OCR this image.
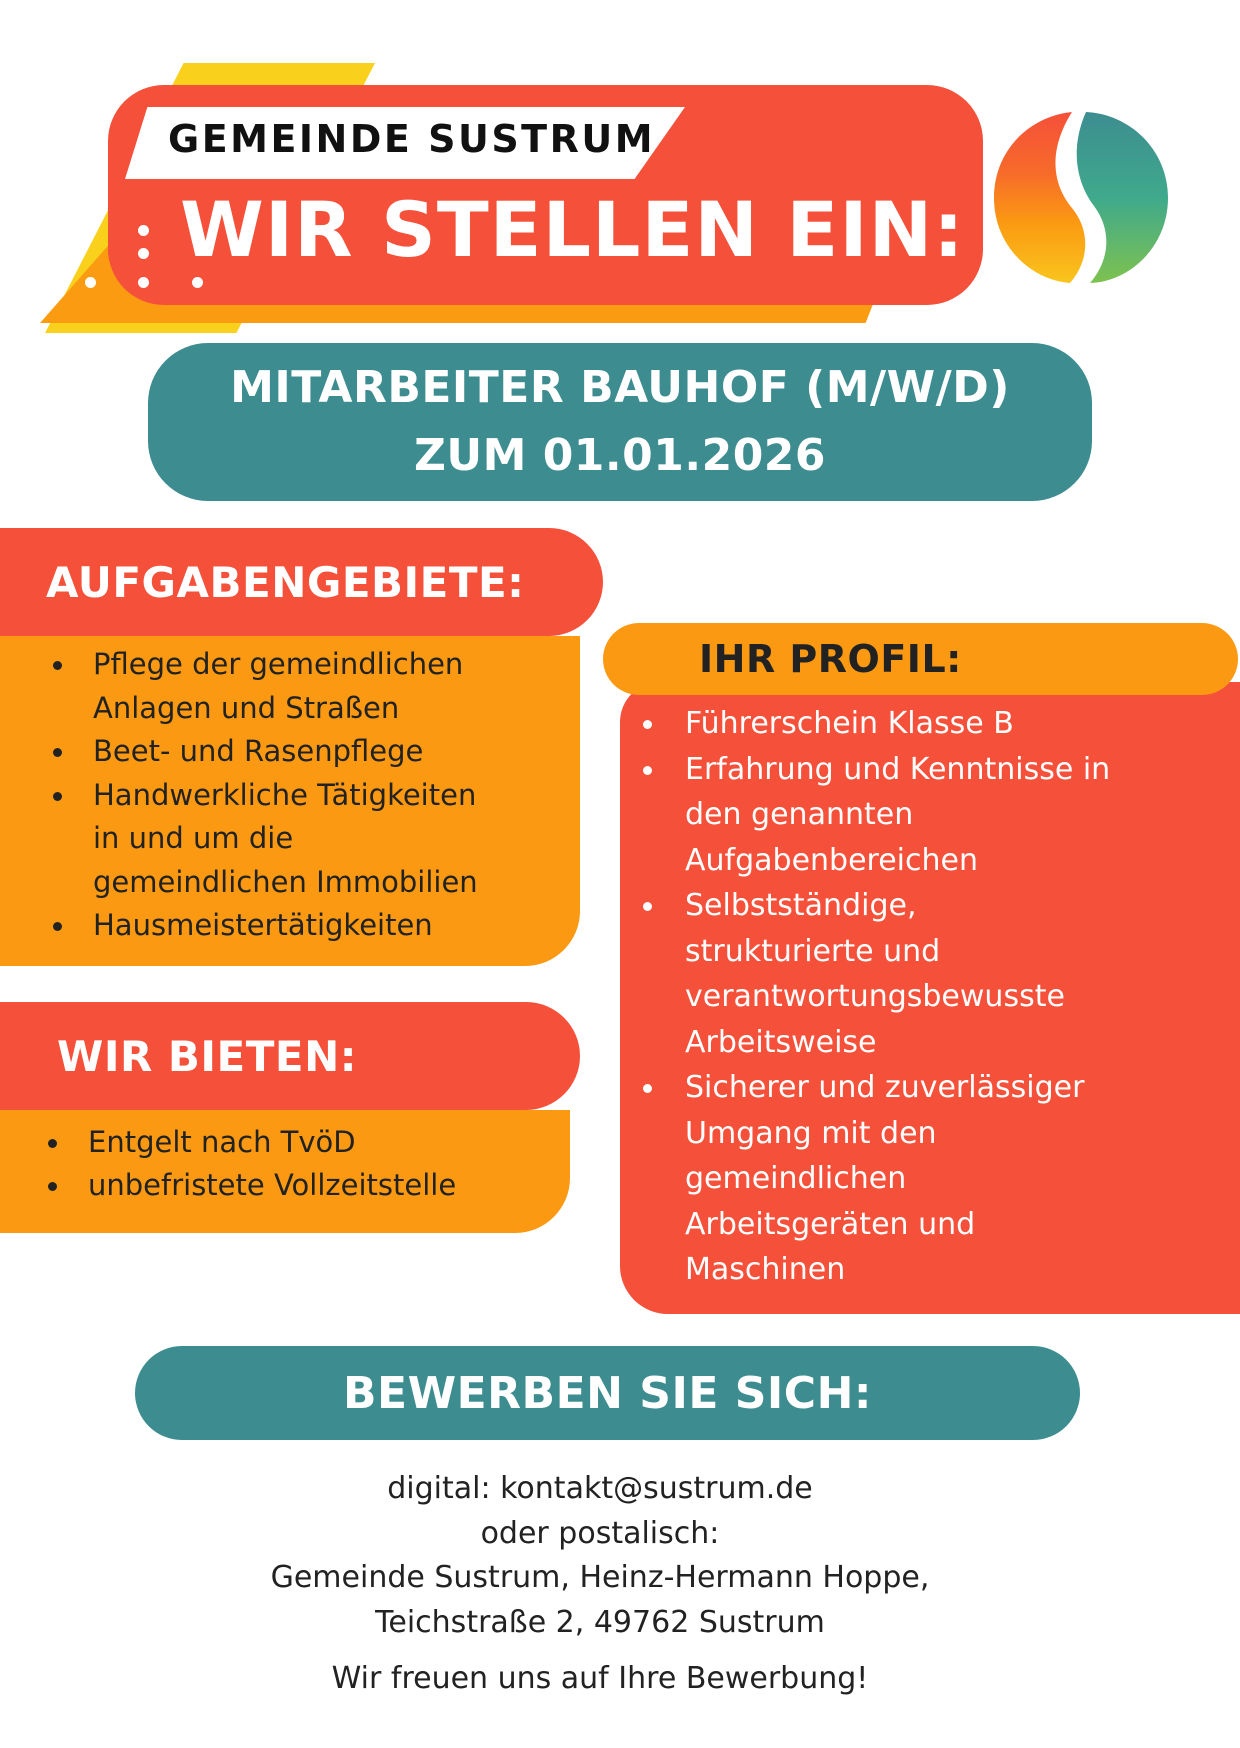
GEMEINDE SUSTRUM
WIR STELLEN EIN:
MITARBEITER BAUHOF (M/W/D)
ZUM 01.01.2026
AUFGABENGEBIETE:
Pflege der gemeindlichen
Anlagen und Straßen
Beet- und Rasenpflege
Handwerkliche Tätigkeiten
in und um die
gemeindlichen Immobilien
Hausmeistertätigkeiten
WIR BIETEN:
Entgelt nach TvöD
unbefristete Vollzeitstelle
IHR PROFIL:
Führerschein Klasse B
Erfahrung und Kenntnisse in
den genannten
Aufgabenbereichen
Selbstständige,
strukturierte und
verantwortungsbewusste
Arbeitsweise
Sicherer und zuverlässiger
Umgang mit den
gemeindlichen
Arbeitsgeräten und
Maschinen
BEWERBEN SIE SICH:
digital: kontakt@sustrum.de
oder postalisch:
Gemeinde Sustrum, Heinz-Hermann Hoppe,
Teichstraße 2, 49762 Sustrum
Wir freuen uns auf Ihre Bewerbung!
